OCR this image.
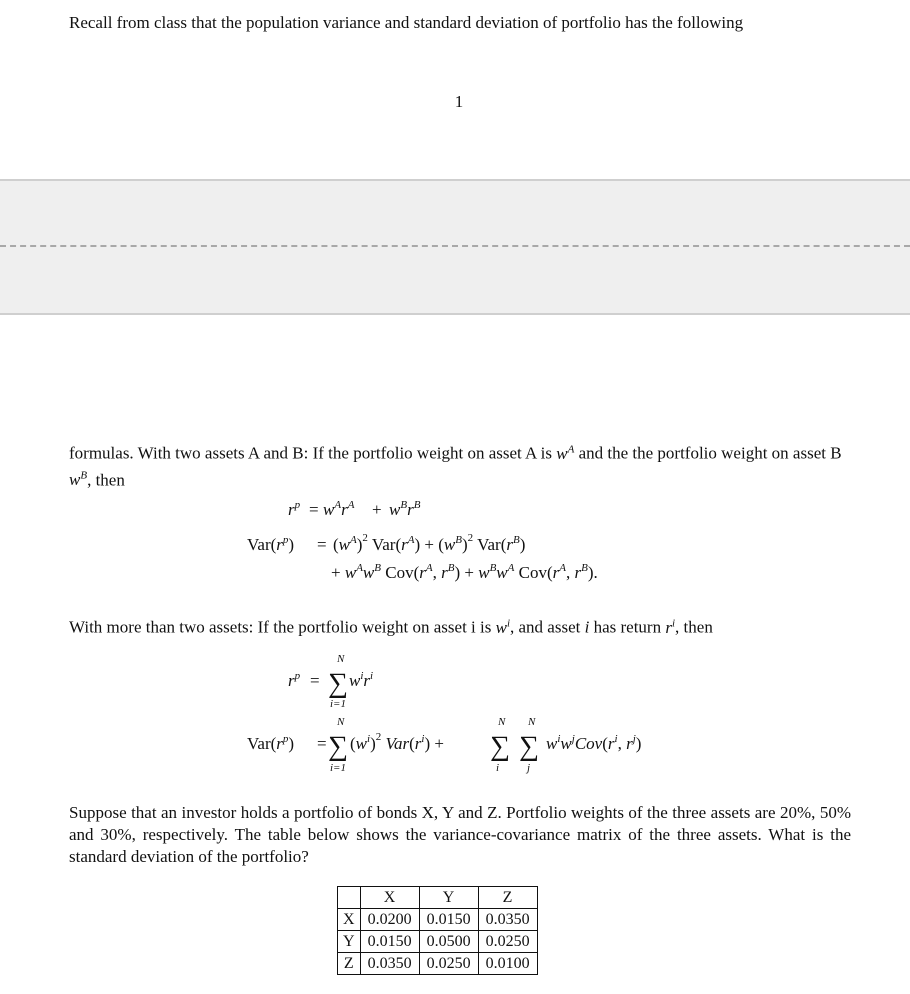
Recall from class that the population variance and standard deviation of portfolio has the following
1
formulas. With two assets A and B: If the portfolio weight on asset A is $w^A$ and the the portfolio weight on asset B $w^B$, then
$r^p = w^Ar^A + w^Br^B$
$Var(r^p) = (w^A)^2$ $Var(r^A) + (w^B)^2$ $Var(r^B)$
+ $w^Aw^B$ $Cov(r^A$, $r^B) + w^Bw^A$ $Cov(r^A$, $r^B$).
With more than two assets: If the portfolio weight on asset i is $w^i$, and asset i has return $r^i$, then
$r^p$ =
N
∑
i=1
$w^ir^i$
$Var(r^p)$ =
N
∑
i=1
$(w^i)^2$ $Var(r^i)$ +
N
∑
i
N
∑
j
$w^iw^jCov(r^i$, $r^j$)
Suppose that an investor holds a portfolio of bonds X, Y and Z. Portfolio weights of the three assets are 20%, 50% and 30%, respectively. The table below shows the variance-covariance matrix of the three assets. What is the standard deviation of the portfolio?
	X	Y	Z
X	0.0200	0.0150	0.0350
Y	0.0150	0.0500	0.0250
Z	0.0350	0.0250	0.0100
